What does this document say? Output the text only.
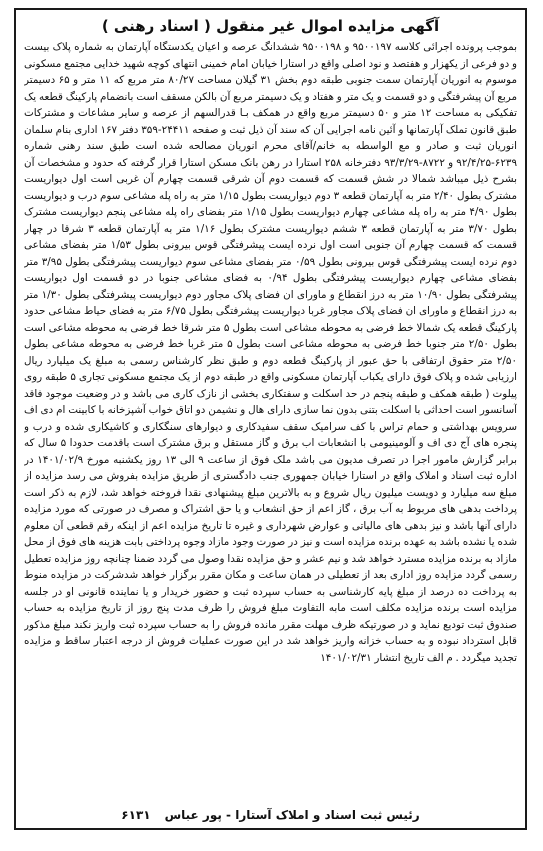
آگهی مزایده اموال غیر منقول ( اسناد رهنی )

بموجب پرونده اجرائی کلاسه ۹۵۰۰۱۹۷ و ۹۵۰۰۱۹۸ ششدانگ عرصه و اعیان یکدستگاه آپارتمان به شماره پلاک بیست و دو فرعی از یکهزار و هفتصد و نود اصلی واقع در استارا خیابان امام خمینی انتهای کوچه شهید خدایی مجتمع مسکونی موسوم به انوریان آپارتمان سمت جنوبی طبقه دوم بخش ۳۱ گیلان مساحت ۸۰/۲۷ متر مربع که ۱۱ متر و ۶۵ دسیمتر مربع آن پیشرفتگی و دو قسمت و یک متر و هفتاد و یک دسیمتر مربع آن بالکن مسقف است بانضمام پارکینگ قطعه یک تفکیکی به مساحت ۱۲ متر و ۵۰ دسیمتر مربع واقع در همکف بـا قدرالسهم از عرصه و سایر مشاعات و مشترکات طبق قانون تملک آپارتمانها و آئین نامه اجرایی آن که سند آن ذیل ثبت و صفحه ۲۴۴۱۱-۳۵۹ دفتر ۱۶۷ اداری بنام سلمان انوریان ثبت و صادر و مع الواسطه به خانم/آقای محرم انوریان مصالحه شده است طبق سند رهنی شماره ۶۲۳۹-۹۲/۴/۲۵ و ۸۷۲۲-۹۳/۳/۲۹ دفترخانه ۲۵۸ استارا در رهن بانک مسکن استارا قرار گرفته که حدود و مشخصات آن بشرح ذیل میباشد شمالا در شش قسمت که قسمت دوم آن شرقی قسمت چهارم آن غربی است اول دیواریست مشترک بطول ۲/۴۰ متر به آپارتمان قطعه ۳ دوم دیواریست بطول ۱/۱۵ متر به راه پله مشاعی سوم درب و دیواریست بطول ۴/۹۰ متر به راه پله مشاعی چهارم دیواریست بطول ۱/۱۵ متر بفضای راه پله مشاعی پنجم دیواریست مشترک بطول ۳/۷۰ متر به آپارتمان قطعه ۳ ششم دیواریست مشترک بطول ۱/۱۶ متر به آپارتمان قطعه ۳ شرقا در چهار قسمت که قسمت چهارم آن جنوبی است اول نرده ایست پیشرفتگی قوس بیرونی بطول ۱/۵۳ متر بفضای مشاعی دوم نرده ایست پیشرفتگی قوس بیرونی بطول ۰/۵۹ متر بفضای مشاعی سوم دیواریست پیشرفتگی بطول ۳/۹۵ متر بفضای مشاعی چهارم دیواریست پیشرفتگی بطول ۰/۹۴ به فضای مشاعی جنوبا در دو قسمت اول دیواریست پیشرفتگی بطول ۱۰/۹۰ متر به درز انقطاع و ماورای ان فضای پلاک مجاور دوم دیواریست پیشرفتگی بطول ۱/۳۰ متر به درز انقطاع و ماورای ان فضای پلاک مجاور غربا دیواریست پیشرفتگی بطول ۶/۷۵ متر به فضای حیاط مشاعی حدود پارکینگ قطعه یک شمالا خط فرضی به محوطه مشاعی است بطول ۵ متر شرقا خط فرضی به محوطه مشاعی است بطول ۲/۵۰ متر جنوبا خط فرضی به محوطه مشاعی است بطول ۵ متر غربا خط فرضی به محوطه مشاعی بطول ۲/۵۰ متر حقوق ارتفاقی با حق عبور از پارکینگ قطعه دوم و طبق نظر کارشناس رسمی به مبلغ یک میلیارد ریال ارزیابی شده و پلاک فوق دارای یکباب آپارتمان مسکونی واقع در طبقه دوم از یک مجتمع مسکونی تجاری ۵ طبقه روی پیلوت ( طبقه همکف و طبقه پنجم در حد اسکلت و سفتکاری بخشی از نازک کاری می باشد و در وضعیت موجود فاقد آسانسور است احداثی با اسکلت بتنی بدون نما سازی دارای هال و نشیمن دو اتاق خواب آشپزخانه با کابینت ام دی اف سرویس بهداشتی و حمام تراس با کف سرامیک سقف سفیدکاری و دیوارهای سنگکاری و کاشیکاری شده و درب و پنجره های آج دی اف و آلومینیومی با انشعابات اب برق و گاز مستقل و برق مشترک است باقدمت حدودا ۵ سال که برابر گزارش مامور اجرا در تصرف مدیون می باشد ملک فوق از ساعت ۹ الی ۱۳ روز یکشنبه مورخ ۱۴۰۱/۰۲/۹ در اداره ثبت اسناد و املاک واقع در استارا خیابان جمهوری جنب دادگستری از طریق مزایده بفروش می رسد مزایده از مبلغ سه میلیارد و دویست میلیون ریال شروع و به بالاترین مبلغ پیشنهادی نقدا فروخته خواهد شد، لازم به ذکر است پرداخت بدهی های مربوط به آب برق ، گاز اعم از حق انشعاب و یا حق اشتراک و مصرف در صورتی که مورد مزایده دارای آنها باشد و نیز بدهی های مالیاتی و عوارض شهرداری و غیره تا تاریخ مزایده اعم از اینکه رقم قطعی آن معلوم شده یا نشده باشد به عهده برنده مزایده است و نیز در صورت وجود مازاد وجوه پرداختی بابت هزینه های فوق از محل مازاد به برنده مزایده مسترد خواهد شد و نیم عشر و حق مزایده نقدا وصول می گردد ضمنا چنانچه روز مزایده تعطیل رسمی گردد مزایده روز اداری بعد از تعطیلی در همان ساعت و مکان مقرر برگزار خواهد شدشرکت در مزایده منوط به پرداخت ده درصد از مبلغ پایه کارشناسی به حساب سپرده ثبت و حضور خریدار و یا نماینده قانونی او در جلسه مزایده است برنده مزایده مکلف است مابه التفاوت مبلغ فروش را ظرف مدت پنج روز از تاریخ مزایده به حساب صندوق ثبت تودیع نماید و در صورتیکه ظرف مهلت مقرر مانده فروش را به حساب سپرده ثبت واریز نکند مبلغ مذکور قابل استرداد نبوده و به حساب خزانه واریز خواهد شد در این صورت عملیات فروش از درجه اعتبار ساقط و مزایده تجدید میگردد . م الف تاریخ انتشار ۱۴۰۱/۰۲/۳۱

رئیس ثبت اسناد و املاک آستارا - پور عباس
۶۱۳۱
